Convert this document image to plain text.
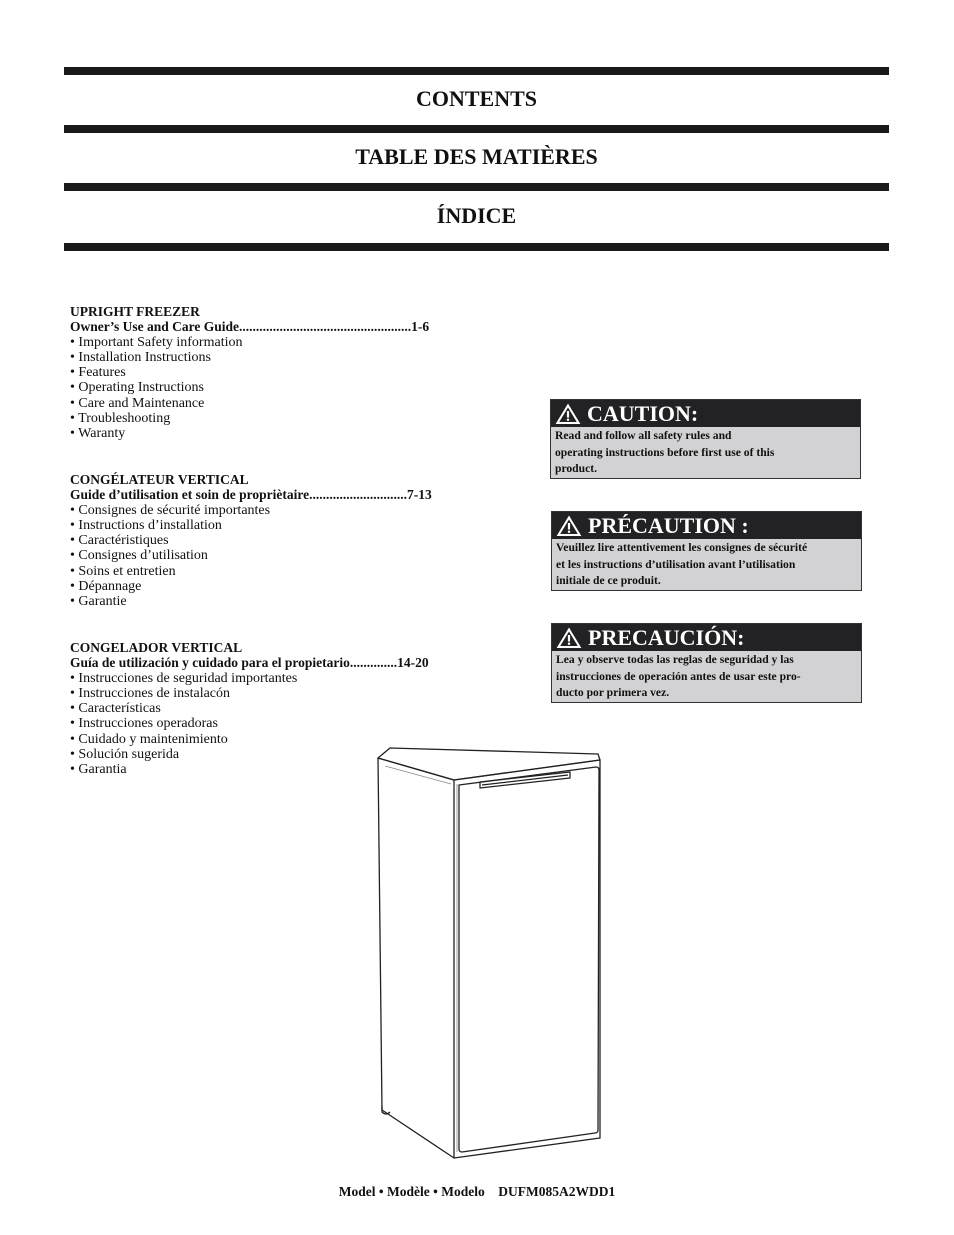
CONTENTS
TABLE DES MATIÈRES
ÍNDICE
UPRIGHT FREEZER
Owner’s Use and Care Guide...................................................1-6
• Important Safety information
• Installation Instructions
• Features
• Operating Instructions
• Care and Maintenance
• Troubleshooting
• Waranty
CONGÉLATEUR VERTICAL
Guide d’utilisation et soin de propriètaire.............................7-13
• Consignes de sécurité importantes
• Instructions d’installation
• Caractéristiques
• Consignes d’utilisation
• Soins et entretien
• Dépannage
• Garantie
CONGELADOR VERTICAL
Guía de utilización y cuidado para el propietario..............14-20
• Instrucciones de seguridad importantes
• Instrucciones de instalacón
• Características
• Instrucciones operadoras
• Cuidado y maintenimiento
• Solución sugerida
• Garantia
CAUTION:
Read and follow all safety rules and
operating instructions before first use of this
product.
PRÉCAUTION :
Veuillez lire attentivement les consignes de sécurité
et les instructions d’utilisation avant l’utilisation
initiale de ce produit.
PRECAUCIÓN:
Lea y observe todas las reglas de seguridad y las
instrucciones de operación antes de usar este pro-
ducto por primera vez.
Model • Modèle • Modelo    DUFM085A2WDD1
